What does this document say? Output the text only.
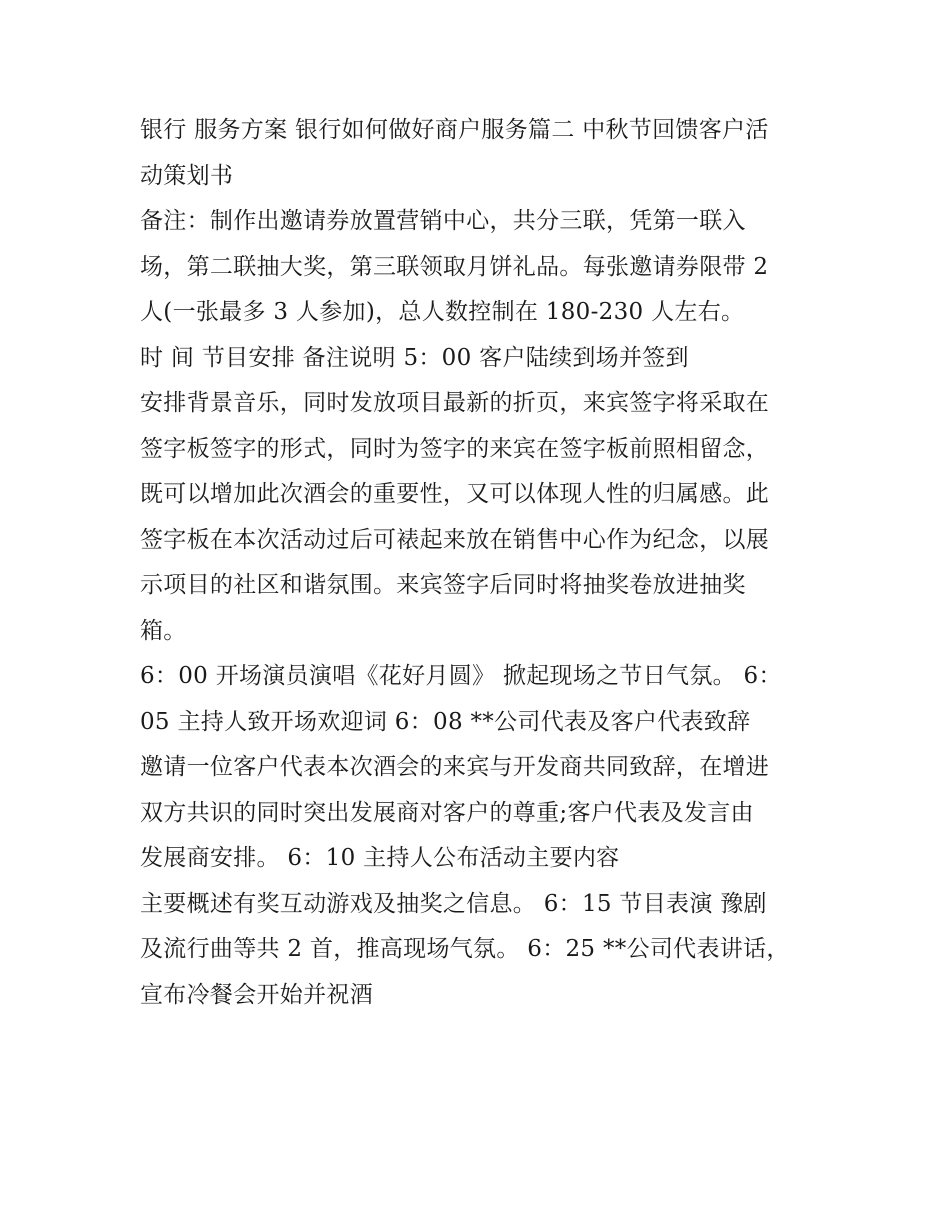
银行 服务方案 银行如何做好商户服务篇二 中秋节回馈客户活
动策划书
备注：制作出邀请券放置营销中心，共分三联，凭第一联入
场，第二联抽大奖，第三联领取月饼礼品。每张邀请券限带 2
人(一张最多 3 人参加)，总人数控制在 180-230 人左右。
时 间 节目安排 备注说明 5：00 客户陆续到场并签到
安排背景音乐，同时发放项目最新的折页，来宾签字将采取在
签字板签字的形式，同时为签字的来宾在签字板前照相留念，
既可以增加此次酒会的重要性，又可以体现人性的归属感。此
签字板在本次活动过后可裱起来放在销售中心作为纪念，以展
示项目的社区和谐氛围。来宾签字后同时将抽奖卷放进抽奖
箱。
6：00 开场演员演唱《花好月圆》 掀起现场之节日气氛。 6：
05 主持人致开场欢迎词 6：08 **公司代表及客户代表致辞
邀请一位客户代表本次酒会的来宾与开发商共同致辞，在增进
双方共识的同时突出发展商对客户的尊重;客户代表及发言由
发展商安排。 6：10 主持人公布活动主要内容
主要概述有奖互动游戏及抽奖之信息。 6：15 节目表演 豫剧
及流行曲等共 2 首，推高现场气氛。 6：25 **公司代表讲话，
宣布冷餐会开始并祝酒
